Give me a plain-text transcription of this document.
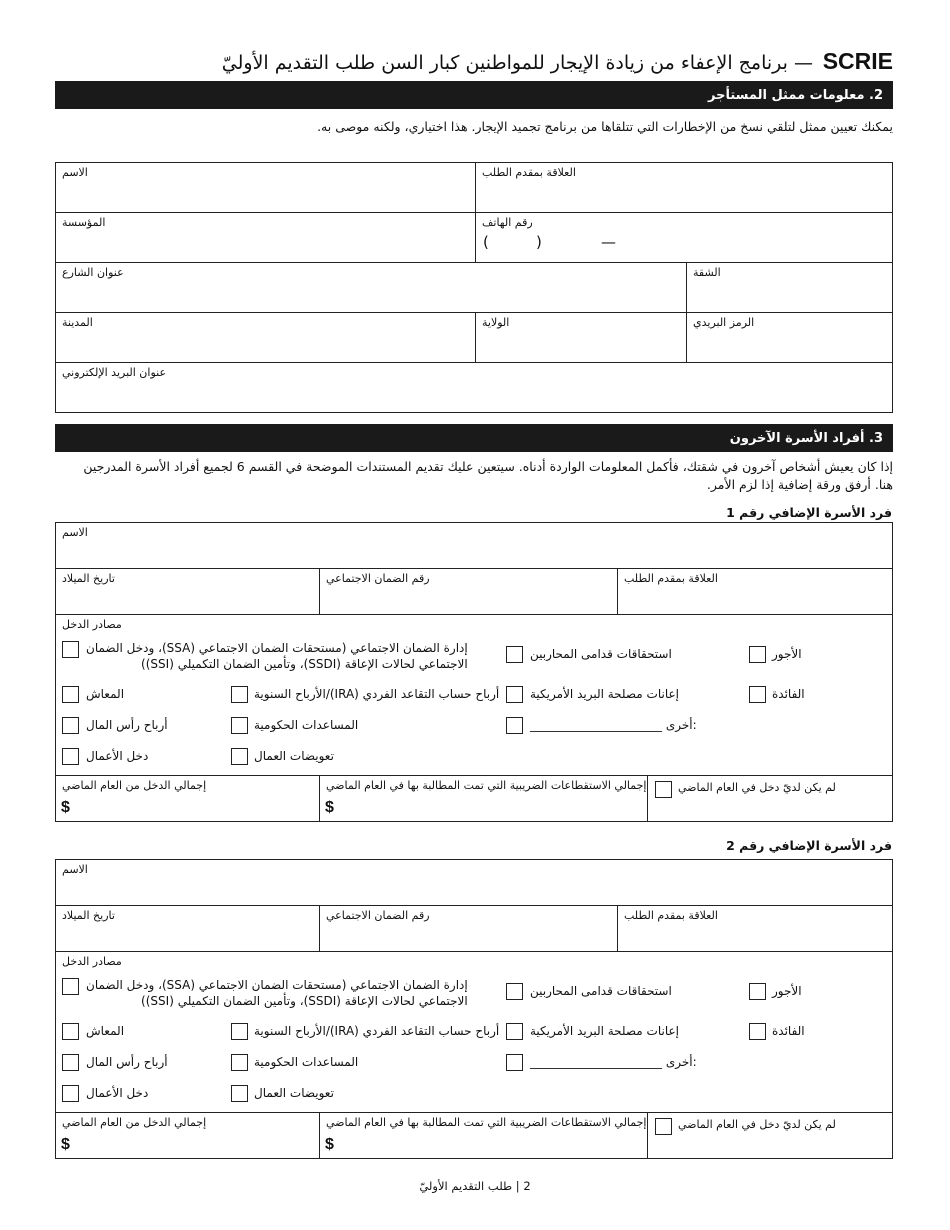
— برنامج الإعفاء من زيادة الإيجار للمواطنين كبار السن طلب التقديم الأوليّ SCRIE
2. معلومات ممثل المستأجر
يمكنك تعيين ممثل لتلقي نسخ من الإخطارات التي تتلقاها من برنامج تجميد الإيجار. هذا اختياري، ولكنه موصى به.
الاسم	العلاقة بمقدم الطلب
المؤسسة	رقم الهاتف
(	)	—
عنوان الشارع	الشقة
المدينة	الولاية	الرمز البريدي
عنوان البريد الإلكتروني
3. أفراد الأسرة الآخرون
إذا كان يعيش أشخاص آخرون في شقتك، فأكمل المعلومات الواردة أدناه. سيتعين عليك تقديم المستندات الموضحة في القسم 6 لجميع أفراد الأسرة المدرجين هنا. أرفق ورقة إضافية إذا لزم الأمر.
فرد الأسرة الإضافي رقم 1
الاسم
تاريخ الميلاد	رقم الضمان الاجتماعي	العلاقة بمقدم الطلب
مصادر الدخل
إدارة الضمان الاجتماعي (مستحقات الضمان الاجتماعي (SSA)، ودخل الضمان
الاجتماعي لحالات الإعاقة (SSDI)، وتأمين الضمان التكميلي (SSI))
استحقاقات قدامى المحاربين	الأجور
المعاش	أرباح حساب التقاعد الفردي (IRA)/الأرباح السنوية	إعانات مصلحة البريد الأمريكية	الفائدة
أرباح رأس المال	المساعدات الحكومية	:أخرى ______________________
دخل الأعمال	تعويضات العمال
إجمالي الدخل من العام الماضي
$
إجمالي الاستقطاعات الضريبية التي تمت المطالبة بها في العام الماضي
$
لم يكن لديّ دخل في العام الماضي
فرد الأسرة الإضافي رقم 2
الاسم
تاريخ الميلاد	رقم الضمان الاجتماعي	العلاقة بمقدم الطلب
مصادر الدخل
إدارة الضمان الاجتماعي (مستحقات الضمان الاجتماعي (SSA)، ودخل الضمان
الاجتماعي لحالات الإعاقة (SSDI)، وتأمين الضمان التكميلي (SSI))
استحقاقات قدامى المحاربين	الأجور
المعاش	أرباح حساب التقاعد الفردي (IRA)/الأرباح السنوية	إعانات مصلحة البريد الأمريكية	الفائدة
أرباح رأس المال	المساعدات الحكومية	:أخرى ______________________
دخل الأعمال	تعويضات العمال
إجمالي الدخل من العام الماضي
$
إجمالي الاستقطاعات الضريبية التي تمت المطالبة بها في العام الماضي
$
لم يكن لديّ دخل في العام الماضي
2 | طلب التقديم الأوليّ
